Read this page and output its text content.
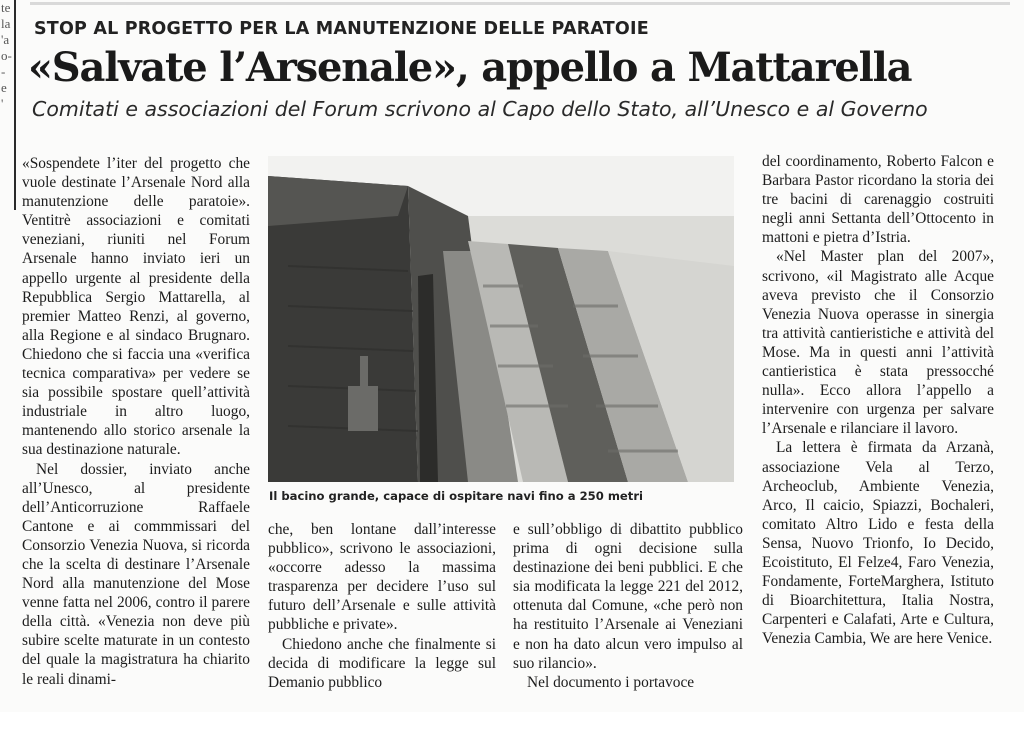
te
la
'a
o-
-
e
'
STOP AL PROGETTO PER LA MANUTENZIONE DELLE PARATOIE
«Salvate l’Arsenale», appello a Mattarella
Comitati e associazioni del Forum scrivono al Capo dello Stato, all’Unesco e al Governo

«Sospendete l’iter del progetto che vuole destinate l’Arsenale Nord alla manutenzione delle paratoie». Ventitrè associazioni e comitati veneziani, riuniti nel Forum Arsenale hanno inviato ieri un appello urgente al presidente della Repubblica Sergio Mattarella, al premier Matteo Renzi, al governo, alla Regione e al sindaco Brugnaro. Chiedono che si faccia una «verifica tecnica comparativa» per vedere se sia possibile spostare quell’attività industriale in altro luogo, mantenendo allo storico arsenale la sua destinazione naturale.

Nel dossier, inviato anche all’Unesco, al presidente dell’Anticorruzione Raffaele Cantone e ai commmissari del Consorzio Venezia Nuova, si ricorda che la scelta di destinare l’Arsenale Nord alla manutenzione del Mose venne fatta nel 2006, contro il parere della città. «Venezia non deve più subire scelte maturate in un contesto del quale la magistratura ha chiarito le reali dinami-

Il bacino grande, capace di ospitare navi fino a 250 metri

che, ben lontane dall’interesse pubblico», scrivono le associazioni, «occorre adesso la massima trasparenza per decidere l’uso sul futuro dell’Arsenale e sulle attività pubbliche e private».

Chiedono anche che finalmente si decida di modificare la legge sul Demanio pubblico

e sull’obbligo di dibattito pubblico prima di ogni decisione sulla destinazione dei beni pubblici. E che sia modificata la legge 221 del 2012, ottenuta dal Comune, «che però non ha restituito l’Arsenale ai Veneziani e non ha dato alcun vero impulso al suo rilancio».

Nel documento i portavoce

del coordinamento, Roberto Falcon e Barbara Pastor ricordano la storia dei tre bacini di carenaggio costruiti negli anni Settanta dell’Ottocento in mattoni e pietra d’Istria.

«Nel Master plan del 2007», scrivono, «il Magistrato alle Acque aveva previsto che il Consorzio Venezia Nuova operasse in sinergia tra attività cantieristiche e attività del Mose. Ma in questi anni l’attività cantieristica è stata pressocché nulla». Ecco allora l’appello a intervenire con urgenza per salvare l’Arsenale e rilanciare il lavoro.

La lettera è firmata da Arzanà, associazione Vela al Terzo, Archeoclub, Ambiente Venezia, Arco, Il caicio, Spiazzi, Bochaleri, comitato Altro Lido e festa della Sensa, Nuovo Trionfo, Io Decido, Ecoistituto, El Felze4, Faro Venezia, Fondamente, ForteMarghera, Istituto di Bioarchitettura, Italia Nostra, Carpenteri e Calafati, Arte e Cultura, Venezia Cambia, We are here Venice.
